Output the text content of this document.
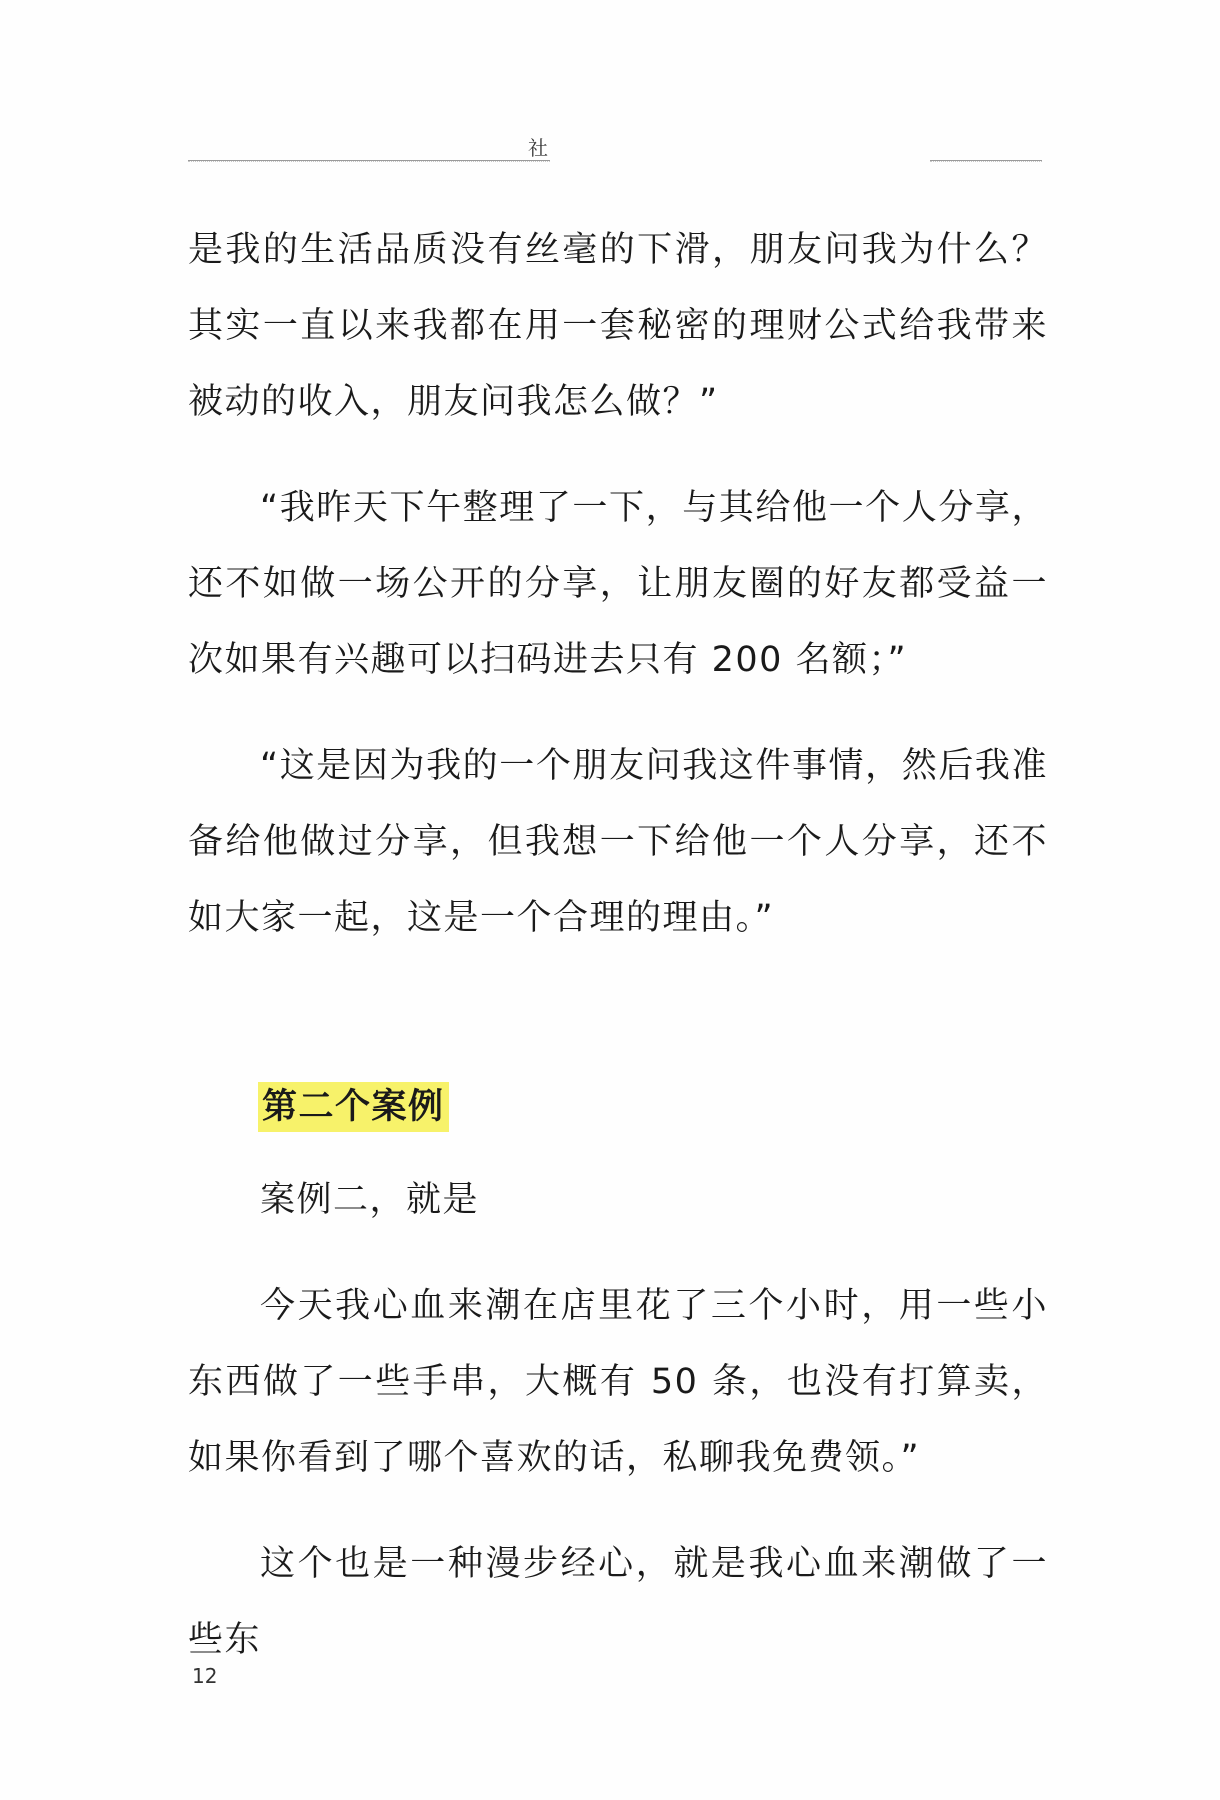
社

是我的生活品质没有丝毫的下滑，朋友问我为什么？其实一直以来我都在用一套秘密的理财公式给我带来被动的收入，朋友问我怎么做？”

“我昨天下午整理了一下，与其给他一个人分享，还不如做一场公开的分享，让朋友圈的好友都受益一次如果有兴趣可以扫码进去只有 200 名额；”

“这是因为我的一个朋友问我这件事情，然后我准备给他做过分享，但我想一下给他一个人分享，还不如大家一起，这是一个合理的理由。”

第二个案例

案例二，就是

今天我心血来潮在店里花了三个小时，用一些小东西做了一些手串，大概有 50 条，也没有打算卖，如果你看到了哪个喜欢的话，私聊我免费领。”

这个也是一种漫步经心，就是我心血来潮做了一些东

12
